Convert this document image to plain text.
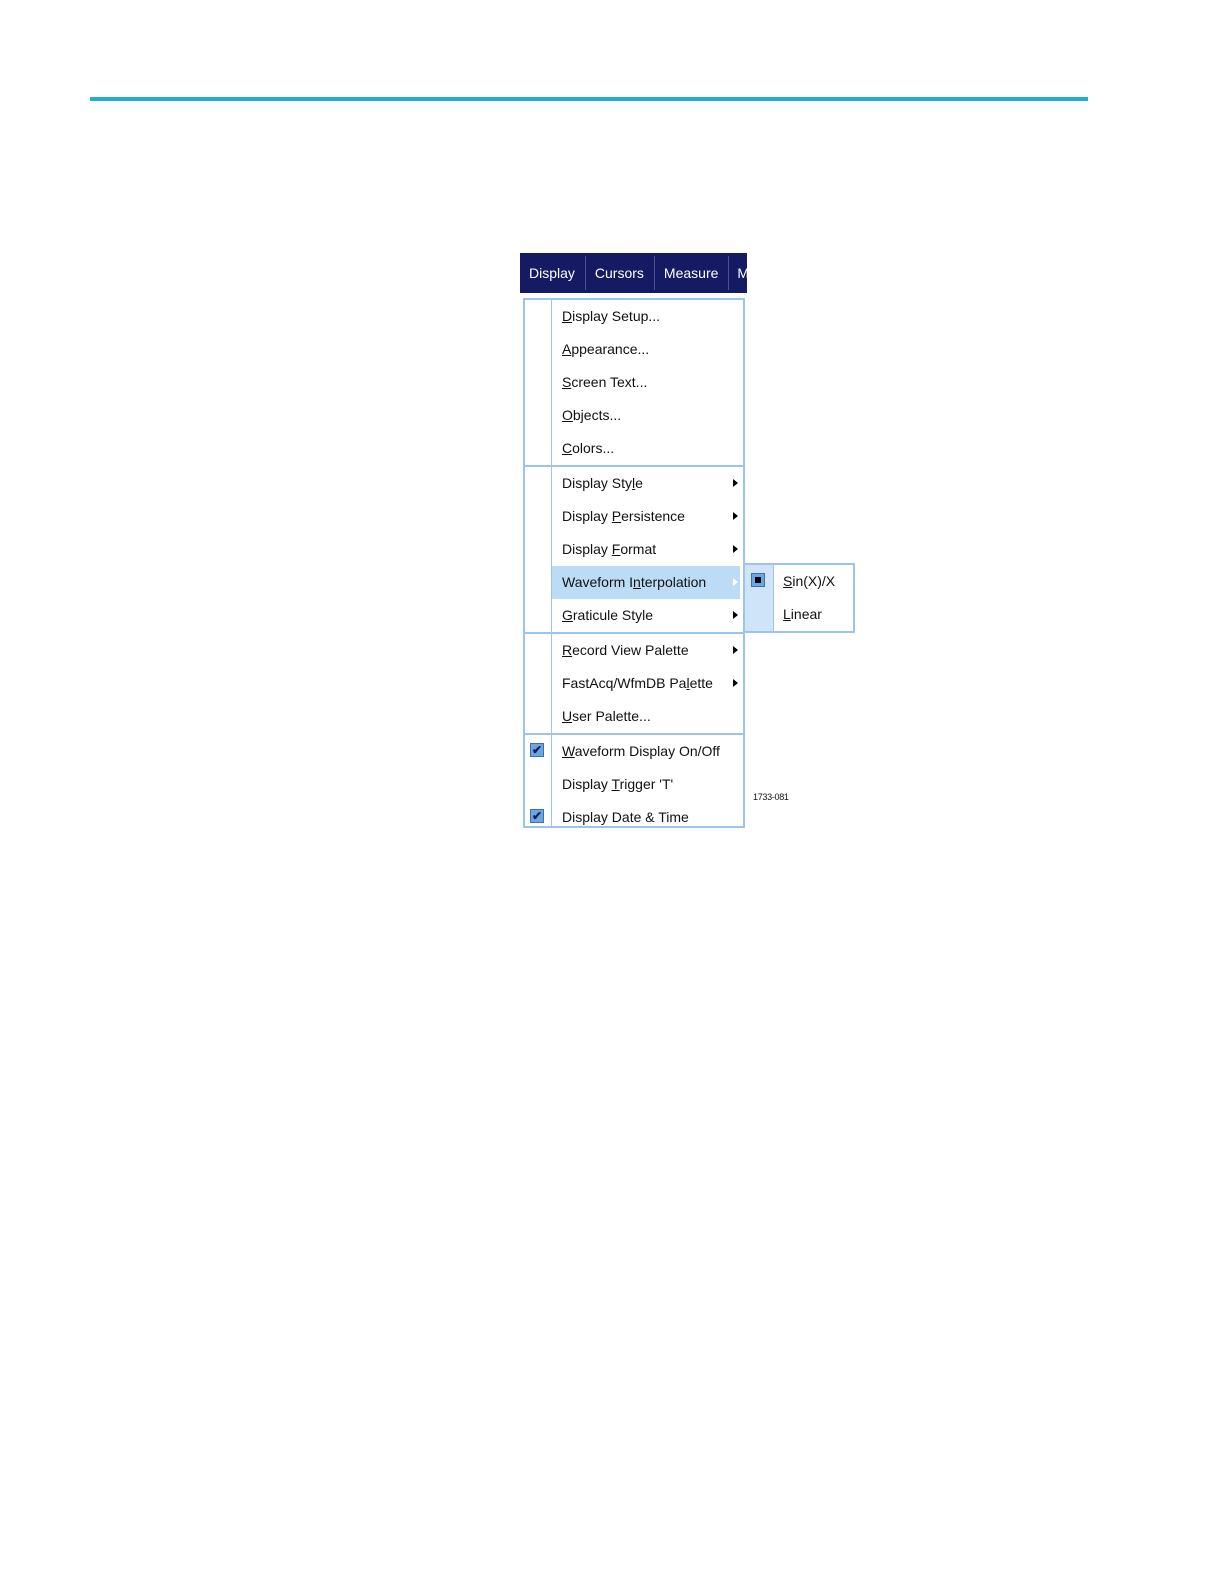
Display	Cursors	Measure	M
Display Setup...
Appearance...
Screen Text...
Objects...
Colors...
Display Style
Display Persistence
Display Format
Waveform Interpolation
Graticule Style
Record View Palette
FastAcq/WfmDB Palette
User Palette...
✔ Waveform Display On/Off
Display Trigger 'T'
✔ Display Date & Time
Sin(X)/X
Linear
1733-081
